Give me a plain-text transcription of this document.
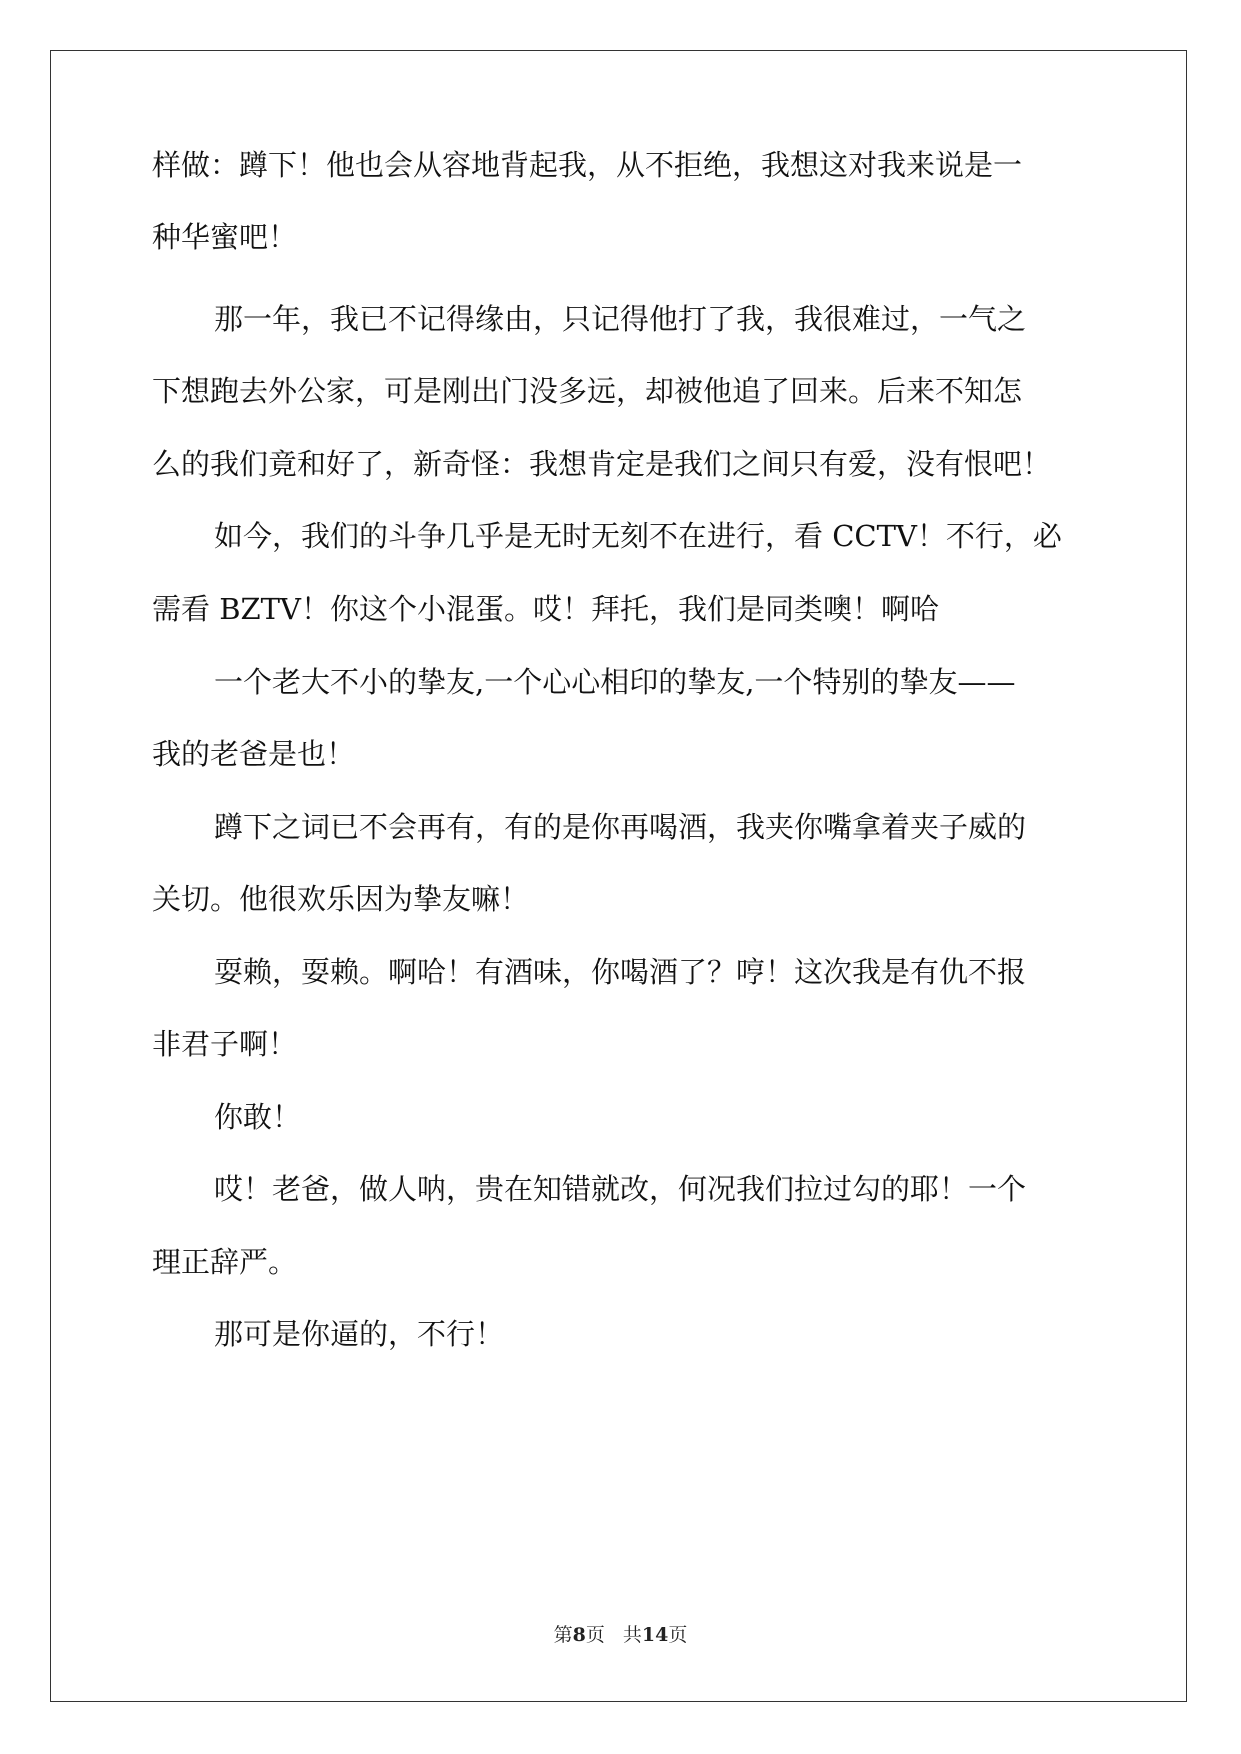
样做：蹲下！他也会从容地背起我，从不拒绝，我想这对我来说是一
种华蜜吧！
那一年，我已不记得缘由，只记得他打了我，我很难过，一气之
下想跑去外公家，可是刚出门没多远，却被他追了回来。后来不知怎
么的我们竟和好了，新奇怪：我想肯定是我们之间只有爱，没有恨吧！
如今，我们的斗争几乎是无时无刻不在进行，看 CCTV！不行，必
需看 BZTV！你这个小混蛋。哎！拜托，我们是同类噢！啊哈
一个老大不小的挚友,一个心心相印的挚友,一个特别的挚友——
我的老爸是也！
蹲下之词已不会再有，有的是你再喝酒，我夹你嘴拿着夹子威的
关切。他很欢乐因为挚友嘛！
耍赖，耍赖。啊哈！有酒味，你喝酒了？哼！这次我是有仇不报
非君子啊！
你敢！
哎！老爸，做人呐，贵在知错就改，何况我们拉过勾的耶！一个
理正辞严。
那可是你逼的，不行！
第8页 共14页
